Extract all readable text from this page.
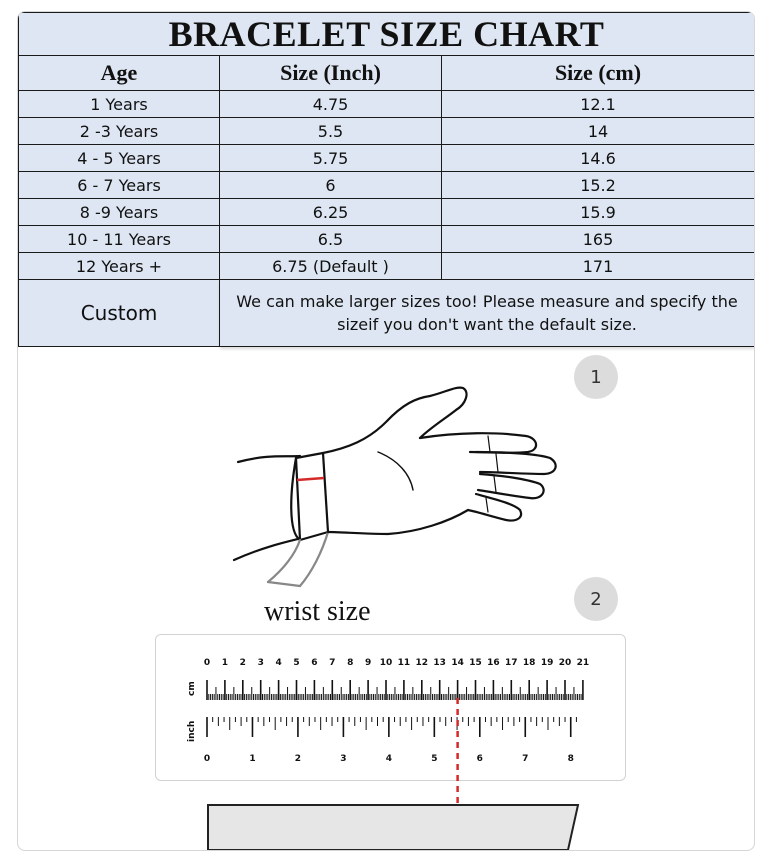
BRACELET SIZE CHART		
Age	Size (Inch)	Size (cm)
1 Years	4.75	12.1
2 -3 Years	5.5	14
4 - 5 Years	5.75	14.6
6 - 7 Years	6	15.2
8 -9 Years	6.25	15.9
10 - 11 Years	6.5	165
12 Years +	6.75 (Default )	171
Custom	We can make larger sizes too! Please measure and specify the sizeif you don't want the default size.	
1
2
wrist size
0 1 2 3 4 5 6 7 8 9 10 11 12 13 14 15 16 17 18 19 20 21
cm
0	1	2	3	4	5	6	7	8
inch
